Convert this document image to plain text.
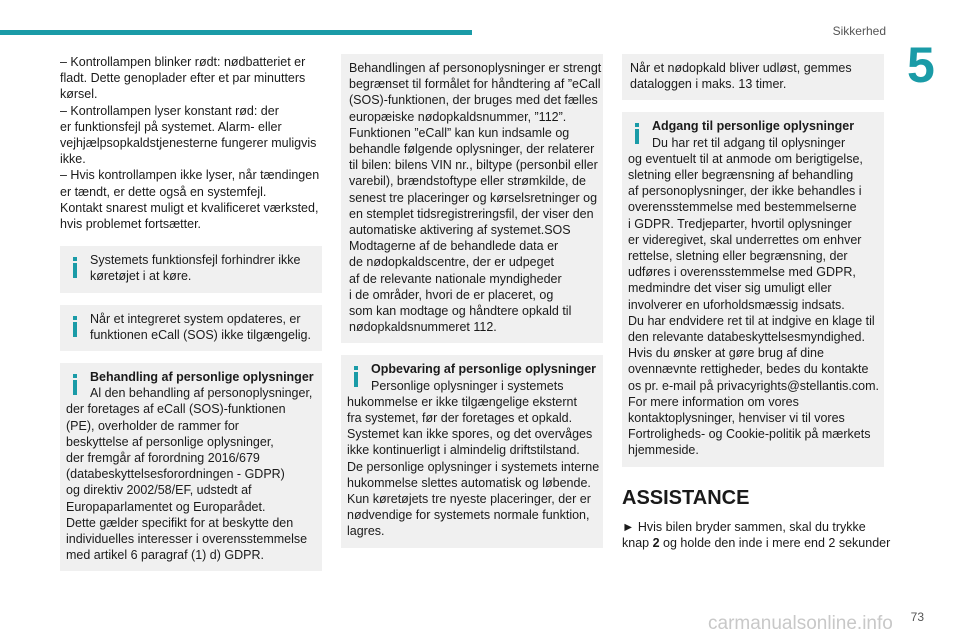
Sikkerhed
5
– Kontrollampen blinker rødt: nødbatteriet er
fladt. Dette genoplader efter et par minutters
kørsel.
– Kontrollampen lyser konstant rød: der
er funktionsfejl på systemet. Alarm- eller
vejhjælpsopkaldstjenesterne fungerer muligvis
ikke.
– Hvis kontrollampen ikke lyser, når tændingen
er tændt, er dette også en systemfejl.
Kontakt snarest muligt et kvalificeret værksted,
hvis problemet fortsætter.
Systemets funktionsfejl forhindrer ikke
køretøjet i at køre.
Når et integreret system opdateres, er
funktionen eCall (SOS) ikke tilgængelig.
Behandling af personlige oplysninger
Al den behandling af personoplysninger,
der foretages af eCall (SOS)-funktionen
(PE), overholder de rammer for
beskyttelse af personlige oplysninger,
der fremgår af forordning 2016/679
(databeskyttelsesforordningen - GDPR)
og direktiv 2002/58/EF, udstedt af
Europaparlamentet og Europarådet.
Dette gælder specifikt for at beskytte den
individuelles interesser i overensstemmelse
med artikel 6 paragraf (1) d) GDPR.
Behandlingen af personoplysninger er strengt
begrænset til formålet for håndtering af ”eCall
(SOS)-funktionen, der bruges med det fælles
europæiske nødopkaldsnummer, ”112”.
Funktionen ”eCall” kan kun indsamle og
behandle følgende oplysninger, der relaterer
til bilen: bilens VIN nr., biltype (personbil eller
varebil), brændstoftype eller strømkilde, de
senest tre placeringer og kørselsretninger og
en stemplet tidsregistreringsfil, der viser den
automatiske aktivering af systemet.SOS
Modtagerne af de behandlede data er
de nødopkaldscentre, der er udpeget
af de relevante nationale myndigheder
i de områder, hvori de er placeret, og
som kan modtage og håndtere opkald til
nødopkaldsnummeret 112.
Opbevaring af personlige oplysninger
Personlige oplysninger i systemets
hukommelse er ikke tilgængelige eksternt
fra systemet, før der foretages et opkald.
Systemet kan ikke spores, og det overvåges
ikke kontinuerligt i almindelig driftstilstand.
De personlige oplysninger i systemets interne
hukommelse slettes automatisk og løbende.
Kun køretøjets tre nyeste placeringer, der er
nødvendige for systemets normale funktion,
lagres.
Når et nødopkald bliver udløst, gemmes
dataloggen i maks. 13 timer.
Adgang til personlige oplysninger
Du har ret til adgang til oplysninger
og eventuelt til at anmode om berigtigelse,
sletning eller begrænsning af behandling
af personoplysninger, der ikke behandles i
overensstemmelse med bestemmelserne
i GDPR. Tredjeparter, hvortil oplysninger
er videregivet, skal underrettes om enhver
rettelse, sletning eller begrænsning, der
udføres i overensstemmelse med GDPR,
medmindre det viser sig umuligt eller
involverer en uforholdsmæssig indsats.
Du har endvidere ret til at indgive en klage til
den relevante databeskyttelsesmyndighed.
Hvis du ønsker at gøre brug af dine
ovennævnte rettigheder, bedes du kontakte
os pr. e-mail på privacyrights@stellantis.com.
For mere information om vores
kontaktoplysninger, henviser vi til vores
Fortroligheds- og Cookie-politik på mærkets
hjemmeside.
ASSISTANCE
► Hvis bilen bryder sammen, skal du trykke
knap 2 og holde den inde i mere end 2 sekunder
carmanualsonline.info 73
